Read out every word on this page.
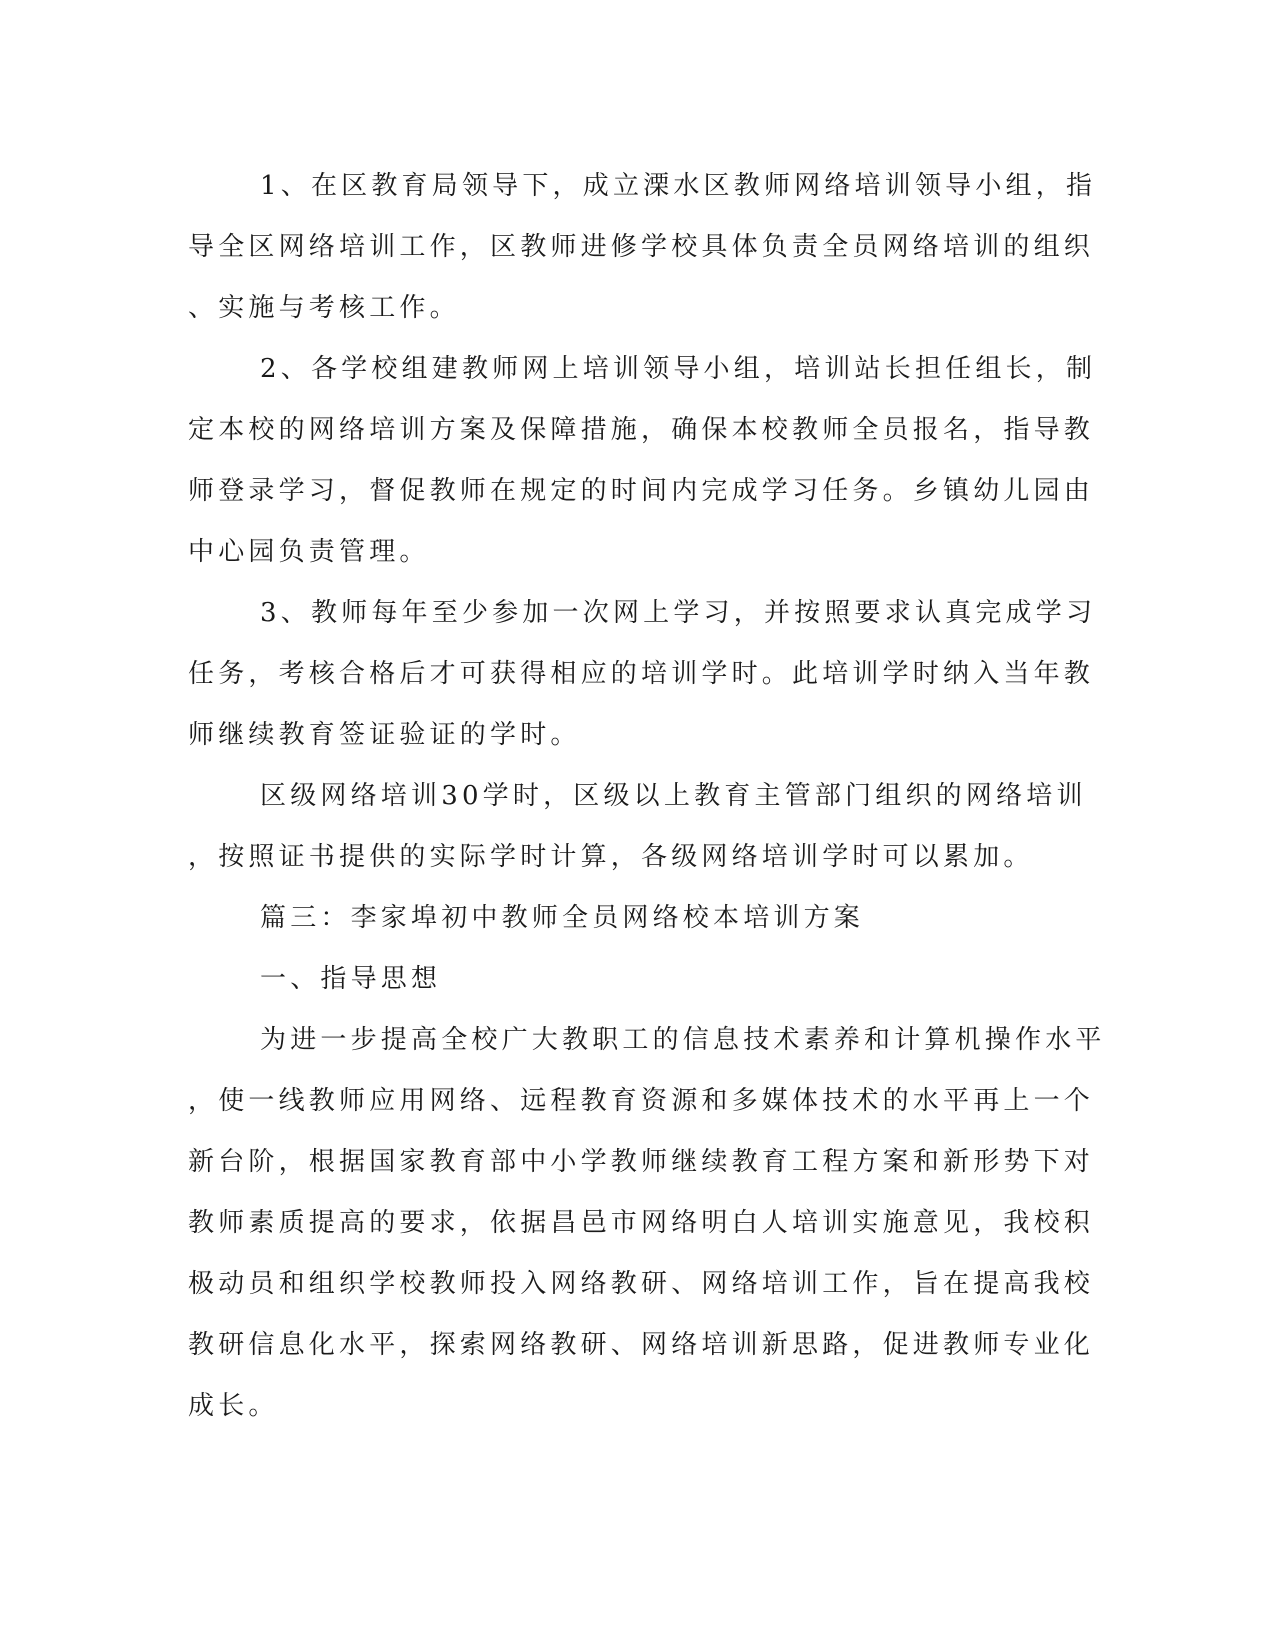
1、在区教育局领导下，成立溧水区教师网络培训领导小组，指
导全区网络培训工作，区教师进修学校具体负责全员网络培训的组织
、实施与考核工作。
2、各学校组建教师网上培训领导小组，培训站长担任组长，制
定本校的网络培训方案及保障措施，确保本校教师全员报名，指导教
师登录学习，督促教师在规定的时间内完成学习任务。乡镇幼儿园由
中心园负责管理。
3、教师每年至少参加一次网上学习，并按照要求认真完成学习
任务，考核合格后才可获得相应的培训学时。此培训学时纳入当年教
师继续教育签证验证的学时。
区级网络培训30学时，区级以上教育主管部门组织的网络培训
，按照证书提供的实际学时计算，各级网络培训学时可以累加。
篇三：李家埠初中教师全员网络校本培训方案
一、指导思想
为进一步提高全校广大教职工的信息技术素养和计算机操作水平
，使一线教师应用网络、远程教育资源和多媒体技术的水平再上一个
新台阶，根据国家教育部中小学教师继续教育工程方案和新形势下对
教师素质提高的要求，依据昌邑市网络明白人培训实施意见，我校积
极动员和组织学校教师投入网络教研、网络培训工作，旨在提高我校
教研信息化水平，探索网络教研、网络培训新思路，促进教师专业化
成长。
